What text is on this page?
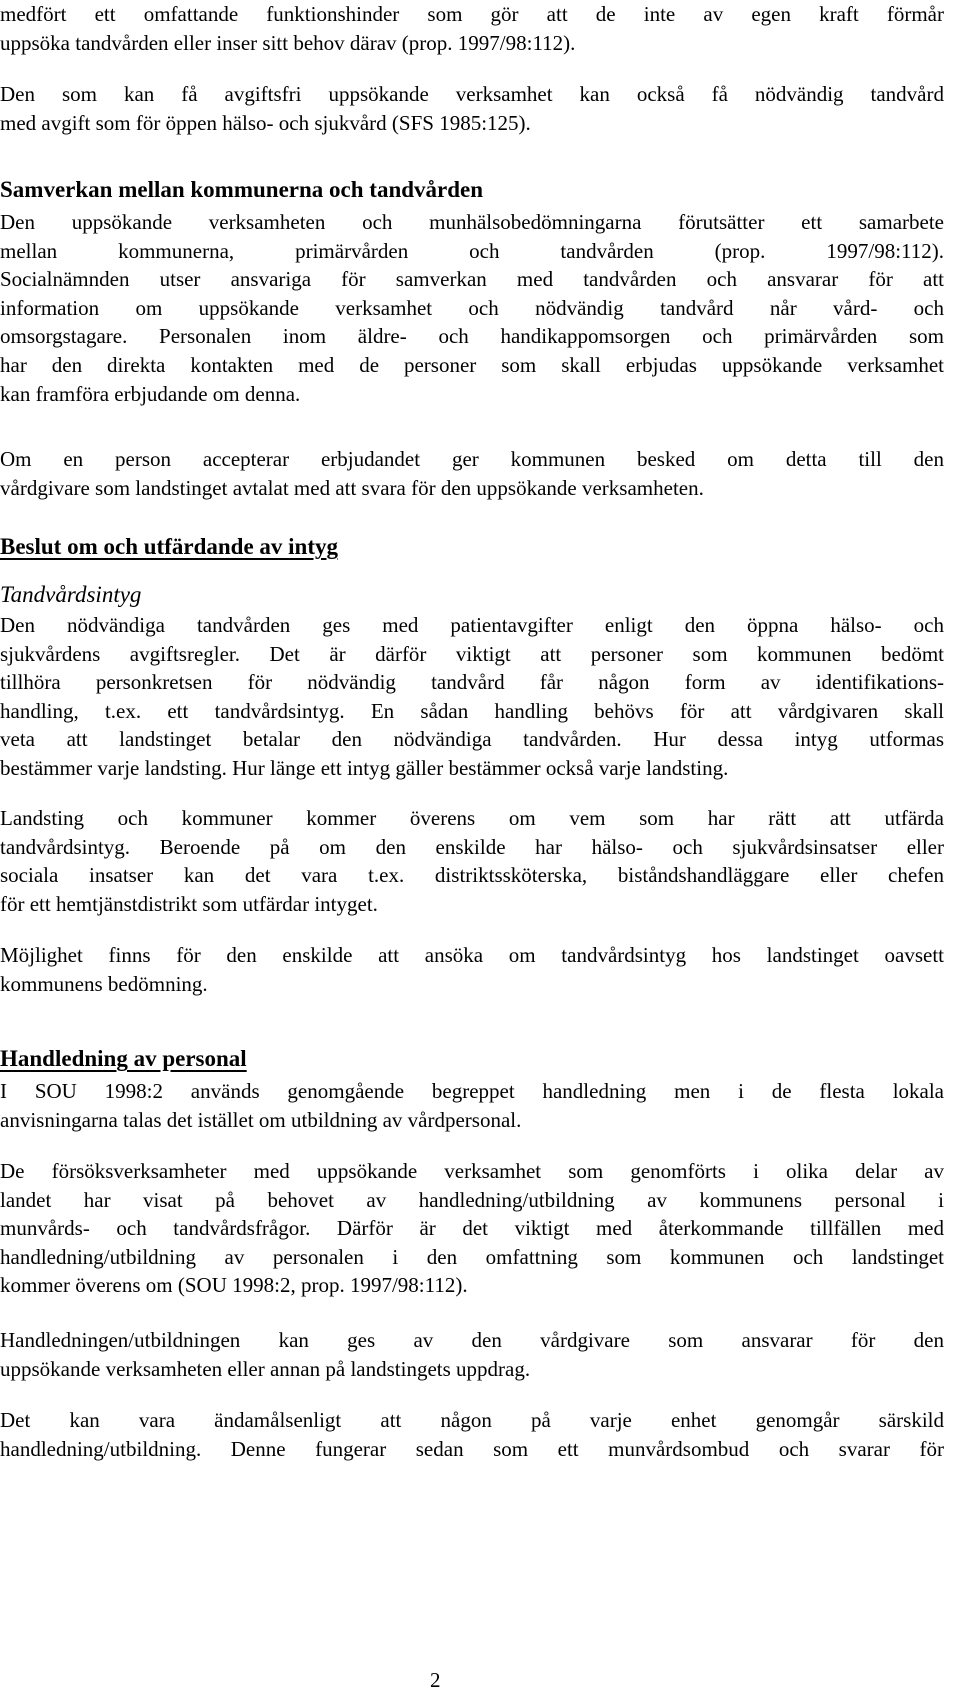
medfört ett omfattande funktionshinder som gör att de inte av egen kraft förmår
uppsöka tandvården eller inser sitt behov därav (prop. 1997/98:112).
Den som kan få avgiftsfri uppsökande verksamhet kan också få nödvändig tandvård
med avgift som för öppen hälso- och sjukvård (SFS 1985:125).
Samverkan mellan kommunerna och tandvården
Den uppsökande verksamheten och munhälsobedömningarna förutsätter ett samarbete
mellan kommunerna, primärvården och tandvården (prop. 1997/98:112).
Socialnämnden utser ansvariga för samverkan med tandvården och ansvarar för att
information om uppsökande verksamhet och nödvändig tandvård når vård- och
omsorgstagare. Personalen inom äldre- och handikappomsorgen och primärvården som
har den direkta kontakten med de personer som skall erbjudas uppsökande verksamhet
kan framföra erbjudande om denna.
Om en person accepterar erbjudandet ger kommunen besked om detta till den
vårdgivare som landstinget avtalat med att svara för den uppsökande verksamheten.
Beslut om och utfärdande av intyg
Tandvårdsintyg
Den nödvändiga tandvården ges med patientavgifter enligt den öppna hälso- och
sjukvårdens avgiftsregler. Det är därför viktigt att personer som kommunen bedömt
tillhöra personkretsen för nödvändig tandvård får någon form av identifikations-
handling, t.ex. ett tandvårdsintyg. En sådan handling behövs för att vårdgivaren skall
veta att landstinget betalar den nödvändiga tandvården. Hur dessa intyg utformas
bestämmer varje landsting. Hur länge ett intyg gäller bestämmer också varje landsting.
Landsting och kommuner kommer överens om vem som har rätt att utfärda
tandvårdsintyg. Beroende på om den enskilde har hälso- och sjukvårdsinsatser eller
sociala insatser kan det vara t.ex. distriktssköterska, biståndshandläggare eller chefen
för ett hemtjänstdistrikt som utfärdar intyget.
Möjlighet finns för den enskilde att ansöka om tandvårdsintyg hos landstinget oavsett
kommunens bedömning.
Handledning av personal
I SOU 1998:2 används genomgående begreppet handledning men i de flesta lokala
anvisningarna talas det istället om utbildning av vårdpersonal.
De försöksverksamheter med uppsökande verksamhet som genomförts i olika delar av
landet har visat på behovet av handledning/utbildning av kommunens personal i
munvårds- och tandvårdsfrågor. Därför är det viktigt med återkommande tillfällen med
handledning/utbildning av personalen i den omfattning som kommunen och landstinget
kommer överens om (SOU 1998:2, prop. 1997/98:112).
Handledningen/utbildningen kan ges av den vårdgivare som ansvarar för den
uppsökande verksamheten eller annan på landstingets uppdrag.
Det kan vara ändamålsenligt att någon på varje enhet genomgår särskild
handledning/utbildning. Denne fungerar sedan som ett munvårdsombud och svarar för
2
